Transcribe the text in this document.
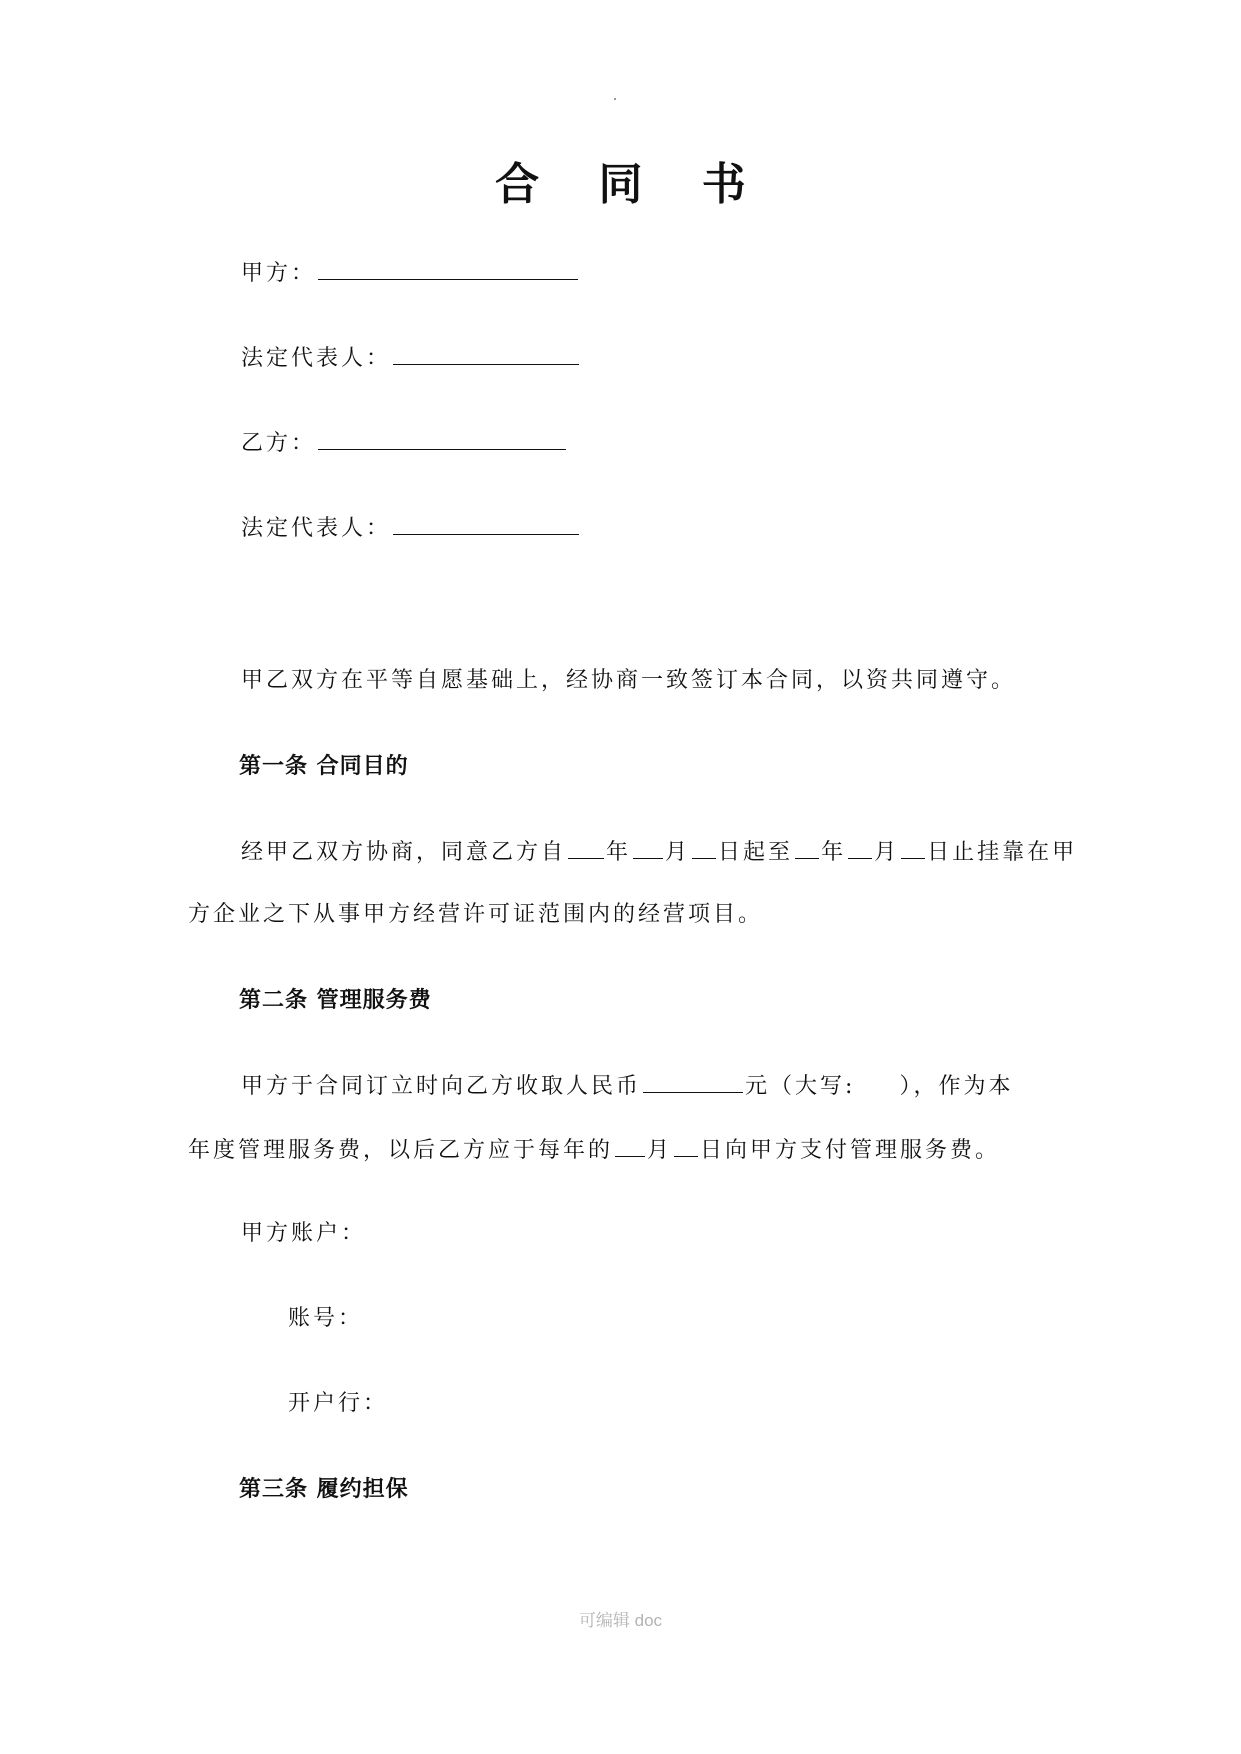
合 同 书
甲方：
法定代表人：
乙方：
法定代表人：
甲乙双方在平等自愿基础上，经协商一致签订本合同，以资共同遵守。
第一条 合同目的
经甲乙双方协商，同意乙方自 年 月 日起至 年 月 日止挂靠在甲
方企业之下从事甲方经营许可证范围内的经营项目。
第二条 管理服务费
甲方于合同订立时向乙方收取人民币	元（大写: ），作为本
年度管理服务费，以后乙方应于每年的 月 日向甲方支付管理服务费。
甲方账户：
账号：
开户行：
第三条 履约担保
可编辑 doc
